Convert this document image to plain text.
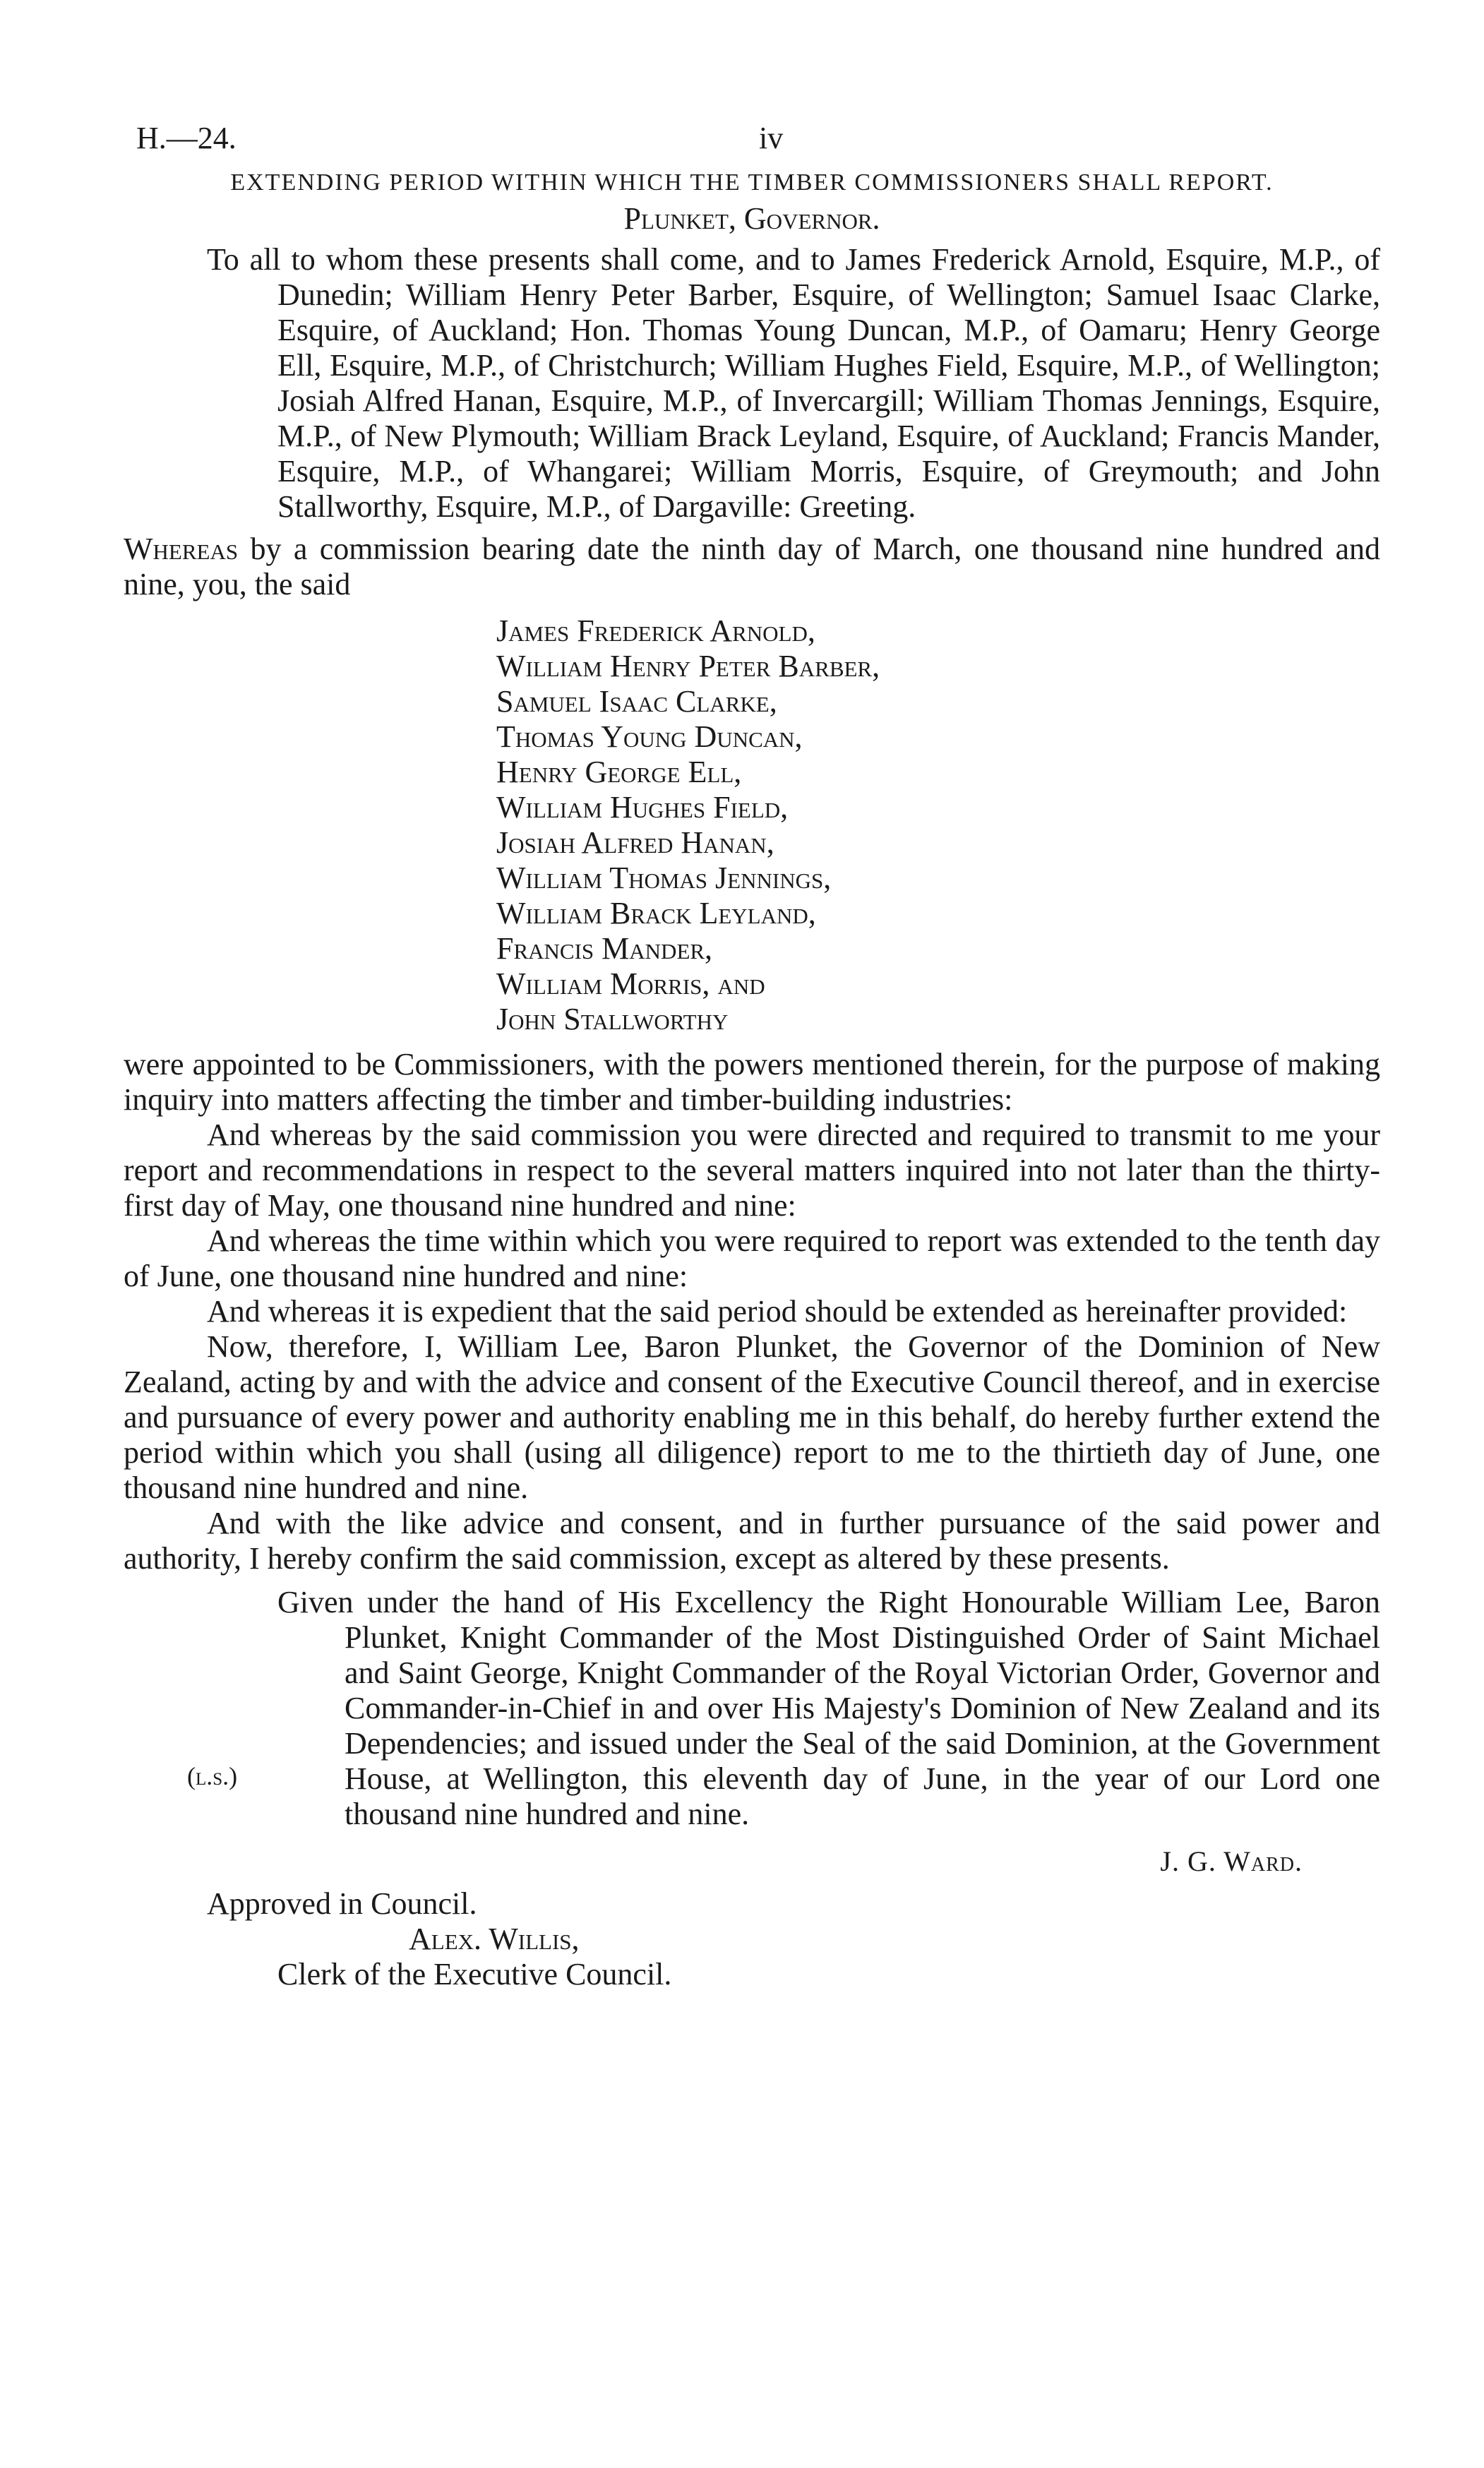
H.—24.	iv
EXTENDING PERIOD WITHIN WHICH THE TIMBER COMMISSIONERS SHALL REPORT.
Plunket, Governor.
To all to whom these presents shall come, and to James Frederick Arnold, Esquire, M.P., of Dunedin; William Henry Peter Barber, Esquire, of Wellington; Samuel Isaac Clarke, Esquire, of Auckland; Hon. Thomas Young Duncan, M.P., of Oamaru; Henry George Ell, Esquire, M.P., of Christchurch; William Hughes Field, Esquire, M.P., of Wellington; Josiah Alfred Hanan, Esquire, M.P., of Invercargill; William Thomas Jennings, Esquire, M.P., of New Plymouth; William Brack Leyland, Esquire, of Auckland; Francis Mander, Esquire, M.P., of Whangarei; William Morris, Esquire, of Greymouth; and John Stallworthy, Esquire, M.P., of Dargaville: Greeting.

Whereas by a commission bearing date the ninth day of March, one thousand nine hundred and nine, you, the said

James Frederick Arnold,
William Henry Peter Barber,
Samuel Isaac Clarke,
Thomas Young Duncan,
Henry George Ell,
William Hughes Field,
Josiah Alfred Hanan,
William Thomas Jennings,
William Brack Leyland,
Francis Mander,
William Morris, and
John Stallworthy

were appointed to be Commissioners, with the powers mentioned therein, for the purpose of making inquiry into matters affecting the timber and timber-building industries:

And whereas by the said commission you were directed and required to transmit to me your report and recommendations in respect to the several matters inquired into not later than the thirty-first day of May, one thousand nine hundred and nine:

And whereas the time within which you were required to report was extended to the tenth day of June, one thousand nine hundred and nine:

And whereas it is expedient that the said period should be extended as hereinafter provided:

Now, therefore, I, William Lee, Baron Plunket, the Governor of the Dominion of New Zealand, acting by and with the advice and consent of the Executive Council thereof, and in exercise and pursuance of every power and authority enabling me in this behalf, do hereby further extend the period within which you shall (using all diligence) report to me to the thirtieth day of June, one thousand nine hundred and nine.

And with the like advice and consent, and in further pursuance of the said power and authority, I hereby confirm the said commission, except as altered by these presents.

(l.s.)
Given under the hand of His Excellency the Right Honourable William Lee, Baron Plunket, Knight Commander of the Most Distinguished Order of Saint Michael and Saint George, Knight Commander of the Royal Victorian Order, Governor and Commander-in-Chief in and over His Majesty's Dominion of New Zealand and its Dependencies; and issued under the Seal of the said Dominion, at the Government House, at Wellington, this eleventh day of June, in the year of our Lord one thousand nine hundred and nine.
J. G. Ward.
Approved in Council.
Alex. Willis,
Clerk of the Executive Council.
